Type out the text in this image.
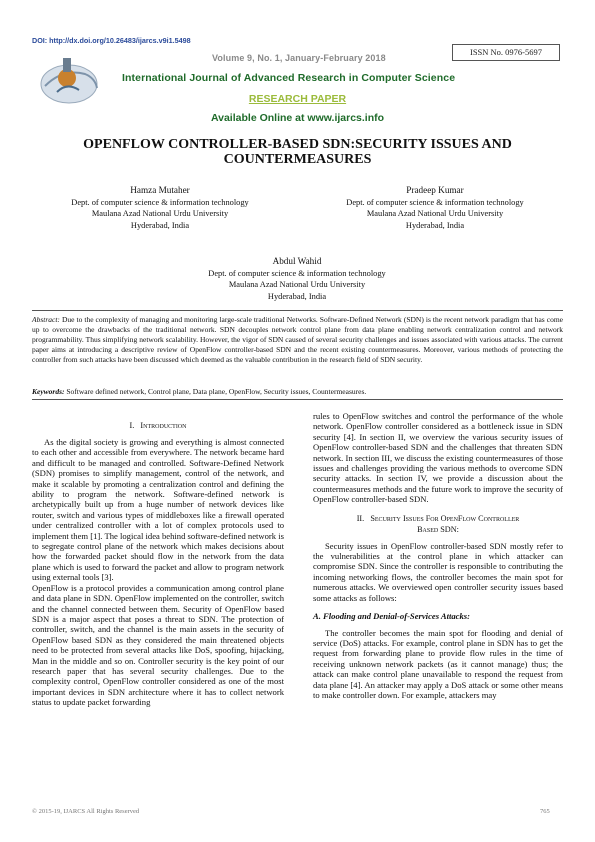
DOI: http://dx.doi.org/10.26483/ijarcs.v9i1.5498
Volume 9, No. 1, January-February 2018
ISSN No. 0976-5697
International Journal of Advanced Research in Computer Science
RESEARCH PAPER
Available Online at www.ijarcs.info
OPENFLOW CONTROLLER-BASED SDN:SECURITY ISSUES AND
COUNTERMEASURES
Hamza Mutaher
Dept. of computer science & information technology
Maulana Azad National Urdu University
Hyderabad, India
Pradeep Kumar
Dept. of computer science & information technology
Maulana Azad National Urdu University
Hyderabad, India
Abdul Wahid
Dept. of computer science & information technology
Maulana Azad National Urdu University
Hyderabad, India
Abstract: Due to the complexity of managing and monitoring large-scale traditional Networks. Software-Defined Network (SDN) is the recent network paradigm that has come up to overcome the drawbacks of the traditional network. SDN decouples network control plane from data plane enabling network centralization control and network programmability. Thus simplifying network scalability. However, the vigor of SDN caused of several security challenges and issues associated with various attacks. The current paper aims at introducing a descriptive review of OpenFlow controller-based SDN and the recent existing countermeasures. Moreover, various methods of protecting the controller from such attacks have been discussed which deemed as the valuable contribution in the research field of SDN security.
Keywords: Software defined network, Control plane, Data plane, OpenFlow, Security issues, Countermeasures.

I. Introduction

As the digital society is growing and everything is almost connected to each other and accessible from everywhere. The network became hard and difficult to be managed and controlled. Software-Defined Network (SDN) promises to simplify management, control of the network, and make it scalable by promoting a centralization control and defining the ability to program the network. Software-defined network is archetypically built up from a huge number of network devices like router, switch and various types of middleboxes like a firewall operated under centralized controller with a lot of complex protocols used to implement them [1]. The logical idea behind software-defined network is to segregate control plane of the network which makes decisions about how the forwarded packet should flow in the network from the data plane which is used to forward the packet and allow to program network using external tools [3].

OpenFlow is a protocol provides a communication among control plane and data plane in SDN. OpenFlow implemented on the controller, switch and the channel connected between them. Security of OpenFlow based SDN is a major aspect that poses a threat to SDN. The protection of controller, switch, and the channel is the main assets in the security of OpenFlow based SDN as they considered the main threatened objects need to be protected from several attacks like DoS, spoofing, hijacking, Man in the middle and so on. Controller security is the key point of our research paper that has several security challenges. Due to the complexity control, OpenFlow controller considered as one of the most important devices in SDN architecture where it has to collect network status to update packet forwarding

rules to OpenFlow switches and control the performance of the whole network. OpenFlow controller considered as a bottleneck issue in SDN security [4]. In section II, we overview the various security issues of OpenFlow controller-based SDN and the challenges that threaten SDN network. In section III, we discuss the existing countermeasures of those issues and challenges providing the various methods to overcome SDN security attacks. In section IV, we provide a discussion about the countermeasures methods and the future work to improve the security of OpenFlow controller-based SDN.

II. Security Issues For OpenFlow Controller
Based SDN:

Security issues in OpenFlow controller-based SDN mostly refer to the vulnerabilities at the control plane in which attacker can compromise SDN. Since the controller is responsible to contributing the incoming networking flows, the controller becomes the main spot for numerous attacks. We overviewed open controller security issues based some attacks as follows:

A. Flooding and Denial-of-Services Attacks:

The controller becomes the main spot for flooding and denial of service (DoS) attacks. For example, control plane in SDN has to get the request from forwarding plane to provide flow rules in the time of receiving unknown network packets (as it cannot manage) thus; the attack can make control plane unavailable to respond the request from data plane [4]. An attacker may apply a DoS attack or some other means to make controller down. For example, attackers may

© 2015-19, IJARCS All Rights Reserved	765
